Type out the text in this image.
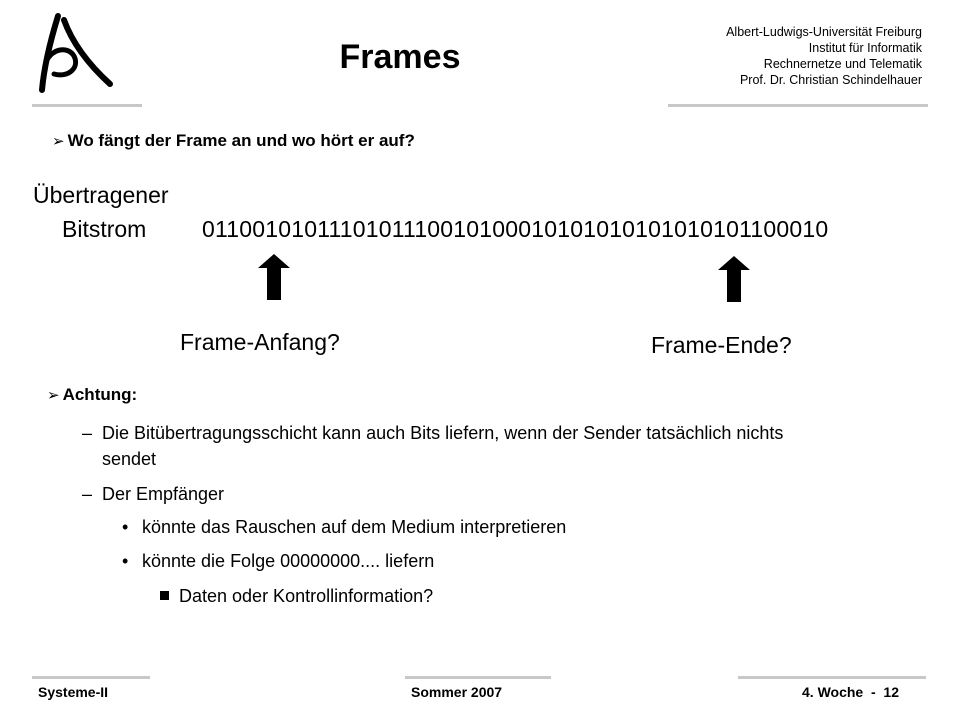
Frames
Albert-Ludwigs-Universität Freiburg
Institut für Informatik
Rechnernetze und Telematik
Prof. Dr. Christian Schindelhauer
➢ Wo fängt der Frame an und wo hört er auf?
Übertragener
Bitstrom 0110010101110101110010100010101010101010101100010
Frame-Anfang?	Frame-Ende?
➢ Achtung:
– Die Bitübertragungsschicht kann auch Bits liefern, wenn der Sender tatsächlich nichts sendet
– Der Empfänger
• könnte das Rauschen auf dem Medium interpretieren
• könnte die Folge 00000000.... liefern
Daten oder Kontrollinformation?
Systeme-II	Sommer 2007	4. Woche  -  12
